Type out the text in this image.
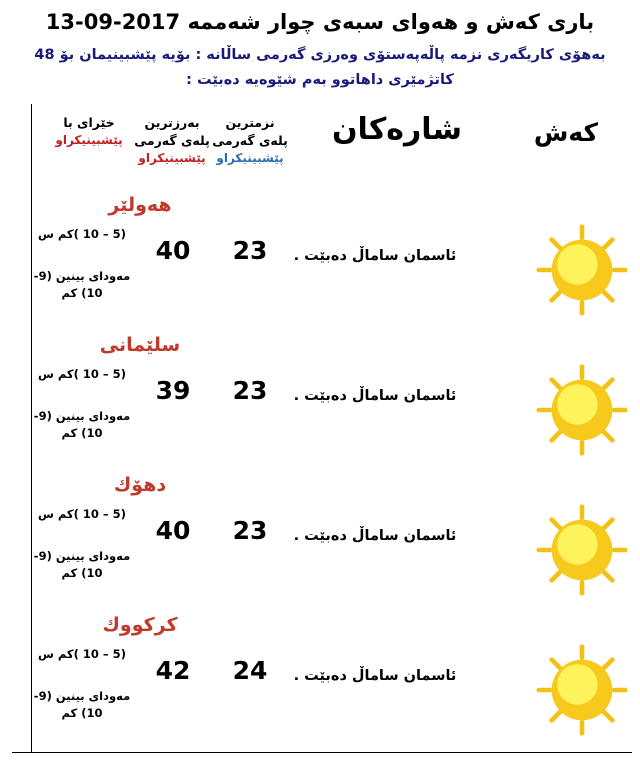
باری كەش و هەوای سبەی چوار شەممە 2017-09-13
بەهۆی كاریگەری نزمە پاڵەپەستۆی وەرزی گەرمی ساڵانە : بۆیە پێشبینیمان بۆ 48
كاتژمێری داهاتوو بەم شێوەیە دەبێت :
كەش
شارەكان
نزمترین پلەی گەرمی
پێشبینیكراو
بەرزترین پلەی گەرمی
پێشبینیكراو
خێرای با
پێشبینیكراو
هەولێر
ئاسمان ساماڵ دەبێت .
23
40
(5 – 10 )كم س
مەودای بینین (9-10) كم
سلێمانی
ئاسمان ساماڵ دەبێت .
23
39
(5 – 10 )كم س
مەودای بینین (9-10) كم
دهۆك
ئاسمان ساماڵ دەبێت .
23
40
(5 – 10 )كم س
مەودای بینین (9-10) كم
كركووك
ئاسمان ساماڵ دەبێت .
24
42
(5 – 10 )كم س
مەودای بینین (9-10) كم
